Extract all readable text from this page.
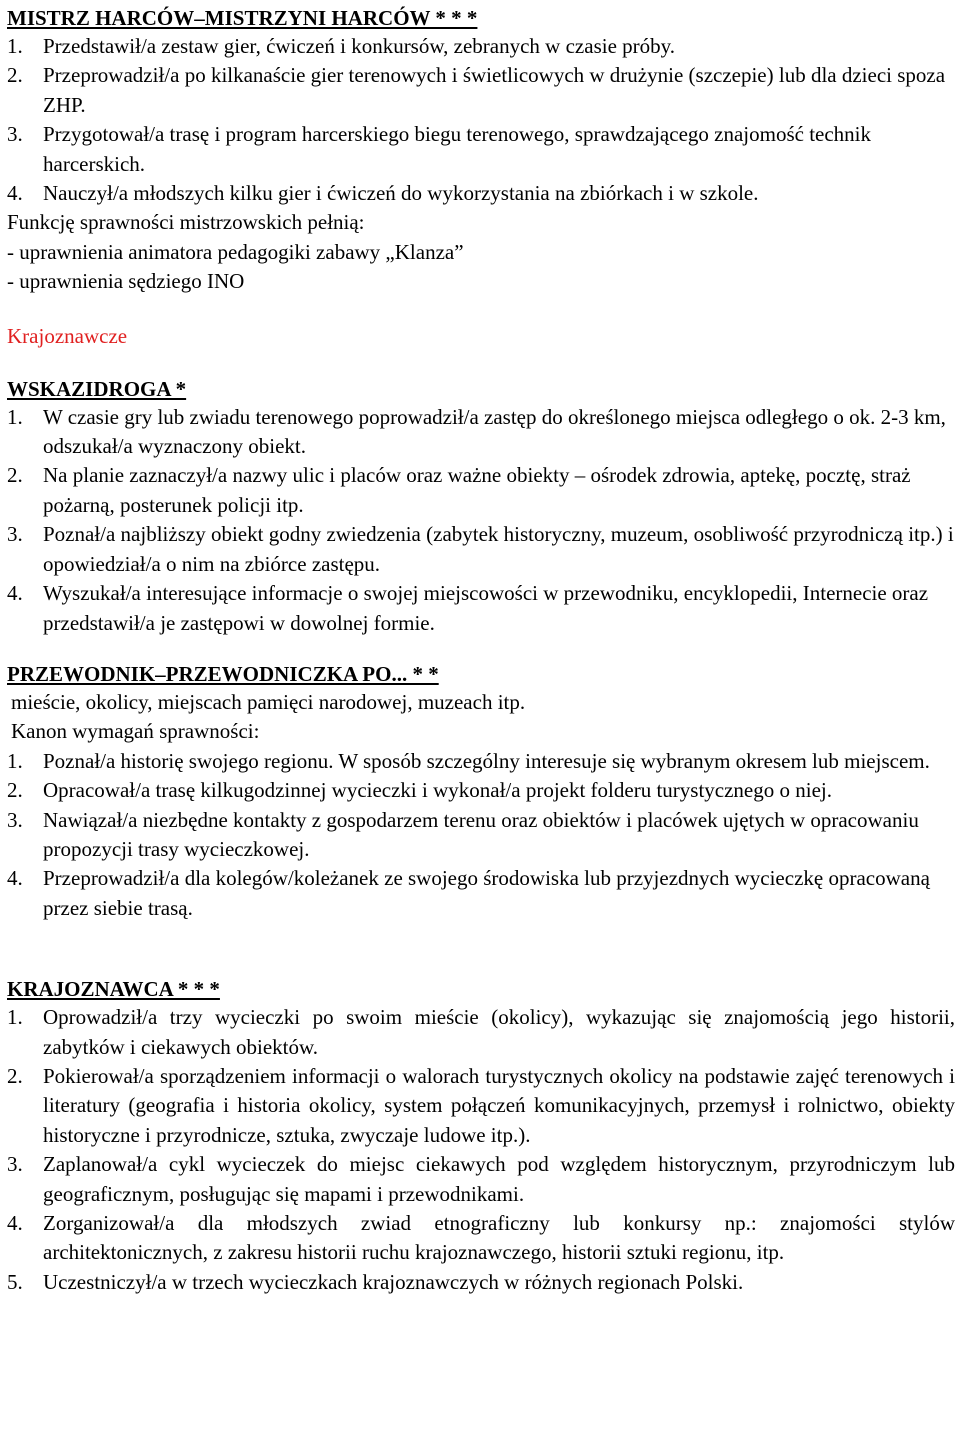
MISTRZ HARCÓW–MISTRZYNI HARCÓW * * *
1. Przedstawił/a zestaw gier, ćwiczeń i konkursów, zebranych w czasie próby.
2. Przeprowadził/a po kilkanaście gier terenowych i świetlicowych w drużynie (szczepie) lub dla dzieci spoza ZHP.
3. Przygotował/a trasę i program harcerskiego biegu terenowego, sprawdzającego znajomość technik harcerskich.
4. Nauczył/a młodszych kilku gier i ćwiczeń do wykorzystania na zbiórkach i w szkole.
Funkcję sprawności mistrzowskich pełnią:
- uprawnienia animatora pedagogiki zabawy „Klanza”
- uprawnienia sędziego INO
Krajoznawcze
WSKAZIDROGA *
1. W czasie gry lub zwiadu terenowego poprowadził/a zastęp do określonego miejsca odległego o ok. 2-3 km, odszukał/a wyznaczony obiekt.
2. Na planie zaznaczył/a nazwy ulic i placów oraz ważne obiekty – ośrodek zdrowia, aptekę, pocztę, straż pożarną, posterunek policji itp.
3. Poznał/a najbliższy obiekt godny zwiedzenia (zabytek historyczny, muzeum, osobliwość przyrodniczą itp.) i opowiedział/a o nim na zbiórce zastępu.
4. Wyszukał/a interesujące informacje o swojej miejscowości w przewodniku, encyklopedii, Internecie oraz przedstawił/a je zastępowi w dowolnej formie.
PRZEWODNIK–PRZEWODNICZKA PO... * *
mieście, okolicy, miejscach pamięci narodowej, muzeach itp.
Kanon wymagań sprawności:
1. Poznał/a historię swojego regionu. W sposób szczególny interesuje się wybranym okresem lub miejscem.
2. Opracował/a trasę kilkugodzinnej wycieczki i wykonał/a projekt folderu turystycznego o niej.
3. Nawiązał/a niezbędne kontakty z gospodarzem terenu oraz obiektów i placówek ujętych w opracowaniu propozycji trasy wycieczkowej.
4. Przeprowadził/a dla kolegów/koleżanek ze swojego środowiska lub przyjezdnych wycieczkę opracowaną przez siebie trasą.
KRAJOZNAWCA * * *
1. Oprowadził/a trzy wycieczki po swoim mieście (okolicy), wykazując się znajomością jego historii, zabytków i ciekawych obiektów.
2. Pokierował/a sporządzeniem informacji o walorach turystycznych okolicy na podstawie zajęć terenowych i literatury (geografia i historia okolicy, system połączeń komunikacyjnych, przemysł i rolnictwo, obiekty historyczne i przyrodnicze, sztuka, zwyczaje ludowe itp.).
3. Zaplanował/a cykl wycieczek do miejsc ciekawych pod względem historycznym, przyrodniczym lub geograficznym, posługując się mapami i przewodnikami.
4. Zorganizował/a dla młodszych zwiad etnograficzny lub konkursy np.: znajomości stylów architektonicznych, z zakresu historii ruchu krajoznawczego, historii sztuki regionu, itp.
5. Uczestniczył/a w trzech wycieczkach krajoznawczych w różnych regionach Polski.
